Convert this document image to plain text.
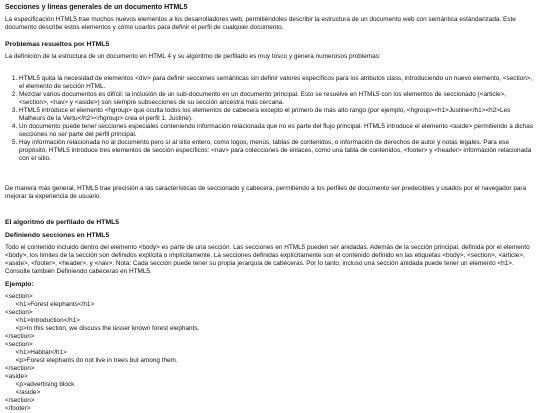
Secciones y líneas generales de un documento HTML5

La especificación HTML5 trae muchos nuevos elementos a los desarrolladores web, permitiéndoles describir la estructura de un documento web con semántica estandarizada. Este documento describe estos elementos y cómo usarlos para definir el perfil de cualquier documento.

Problemas resueltos por HTML5

La definición de la estructura de un documento en HTML 4 y su algoritmo de perfilado es muy tosco y genera numerosos problemas:

1. HTML5 quita la necesidad de elementos <div> para definir secciones semánticas sin definir valores específicos para los atributos class, introduciendo un nuevo elemento, <section>, el elemento de sección HTML.
2. Mezclar varios documentos es difícil: la inclusión de un sub-documento en un documento principal. Esto se resuelve en HTML5 con los elementos de seccionado (<article>, <section>, <nav> y <aside>) son siempre subsecciones de su sección ancestra más cercana.
3. HTML5 introduce el elemento <hgroup> que oculta todos los elementos de cabecera excepto el primero de más alto rango (por ejemplo, <hgroup><h1>Justine</h1><h2>Les Malheurs de la Vertu</h2></hgroup> crea el perfil 1. Justine).
4. Un documento puede tener secciones especiales conteniendo información relacionada que no es parte del flujo principal. HTML5 introduce el elemento <aside> permitiendo a dichas secciones no ser parte del perfil principal.
5. Hay información relacionada no al documento pero sí al sitio entero, como logos, menús, tablas de contenidos, o información de derechos de autor y notas legales. Para ese propósito, HTML5 introduce tres elementos de sección específicos: <nav> para colecciones de enlaces, como una tabla de contenidos, <footer> y <header> información relacionada con el sitio.

De manera más general, HTML5 trae precisión a las características de seccionado y cabecera, permitiendo a los perfiles de documento ser predecibles y usados por el navegador para mejorar la experiencia de usuario.

El algoritmo de perfilado de HTML5
Definiendo secciones en HTML5

Todo el contenido incluido dentro del elemento <body> es parte de una sección. Las secciones en HTML5 pueden ser anidadas. Además de la sección principal, definida por el elemento <body>, los límites de la sección son definidos explícita o implícitamente. La secciones definidas explícitamente son el contenido definido en las etiquetas <body>, <section>, <article>, <aside>, <footer>, <header>, y <nav>. Nota: Cada sección puede tener su propia jerarquía de cabeceras. Por lo tanto, incluso una sección anidada puede tener un elemento <h1>. Consulte también Definiendo cabeceras en HTML5.

Ejemplo:
<section>
<h1>Forest elephants</h1>
<section>
<h1>Introduction</h1>
<p>In this section, we discuss the lesser known forest elephants.
</section>
<section>
<h1>Habitat</h1>
<p>Forest elephants do not live in trees but among them.
</section>
<aside>
<p>advertising block
</aside>
</section>
</footer>
